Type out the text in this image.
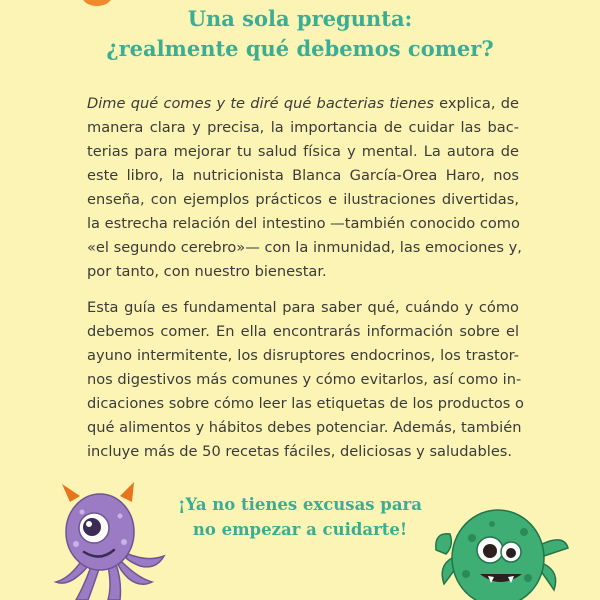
Una sola pregunta:
¿realmente qué debemos comer?

Dime qué comes y te diré qué bacterias tienes explica, de
manera clara y precisa, la importancia de cuidar las bac-
terias para mejorar tu salud física y mental. La autora de
este libro, la nutricionista Blanca García-Orea Haro, nos
enseña, con ejemplos prácticos e ilustraciones divertidas,
la estrecha relación del intestino —también conocido como
«el segundo cerebro»— con la inmunidad, las emociones y,
por tanto, con nuestro bienestar.

Esta guía es fundamental para saber qué, cuándo y cómo
debemos comer. En ella encontrarás información sobre el
ayuno intermitente, los disruptores endocrinos, los trastor-
nos digestivos más comunes y cómo evitarlos, así como in-
dicaciones sobre cómo leer las etiquetas de los productos o
qué alimentos y hábitos debes potenciar. Además, también
incluye más de 50 recetas fáciles, deliciosas y saludables.

¡Ya no tienes excusas para
no empezar a cuidarte!
